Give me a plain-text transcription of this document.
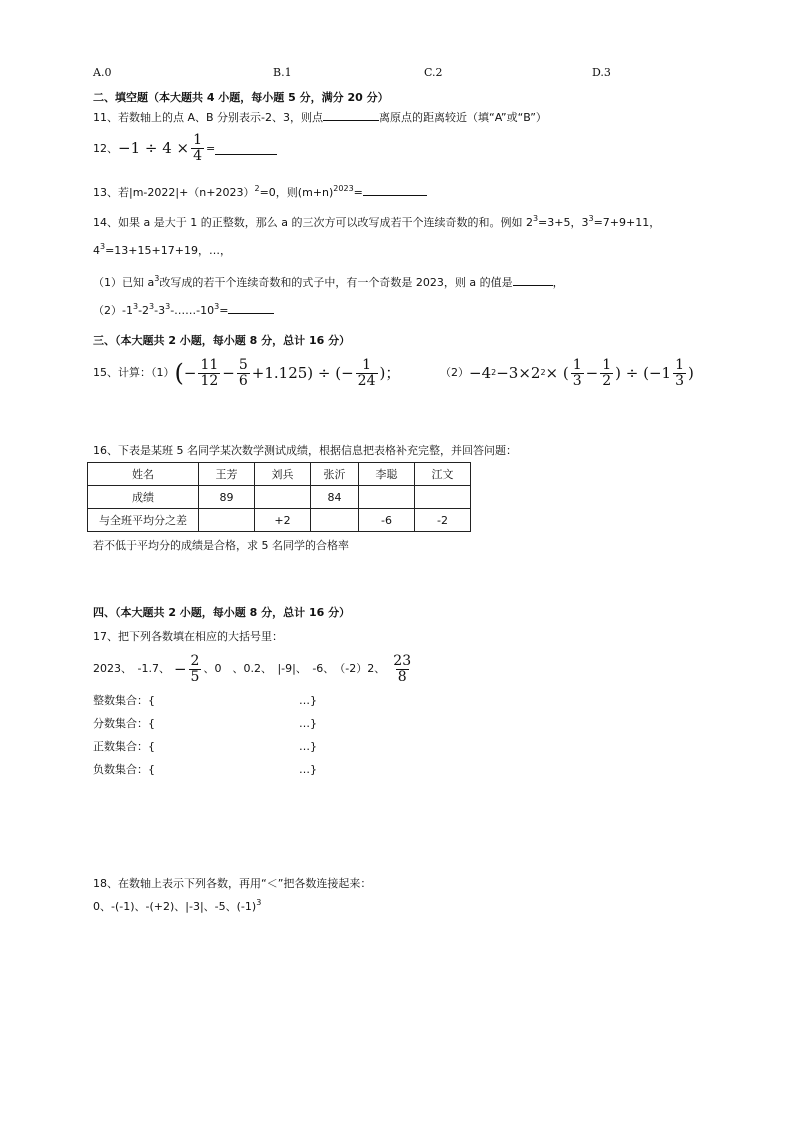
A.0	B.1	C.2	D.3
二、填空题（本大题共 4 小题，每小题 5 分，满分 20 分）
11、若数轴上的点 A、B 分别表示-2、3，则点	离原点的距离较近（填“A”或“B”）
12、 $-1 \div 4 \times \frac{1}{4}$ =
13、若$|m-2022|+(n+2023)^2=0$，则$(m+n)^{2023}=$
14、如果 a 是大于 1 的正整数，那么 a 的三次方可以改写成若干个连续奇数的和。例如 $2^3=3+5$，$3^3=7+9+11$，
$4^3=13+15+17+19$，…，
（1）已知 $a^3$改写成的若干个连续奇数和的式子中，有一个奇数是 2023，则 a 的值是	，
$(2)-1^3-2^3-3^3-\dots\dots-10^3=$
三、（本大题共 2 小题，每小题 8 分，总计 16 分）
15、计算：（1） ( − $\frac{11}{12} - \frac{5}{6} +1.125$) ÷ (− $\frac{1}{24}$ )；	（2） −4 2 −3×2 2 × ( $\frac{1}{3} - \frac{1}{2}$ ) ÷ ($-1 \frac{1}{3}$ )
16、下表是某班 5 名同学某次数学测试成绩，根据信息把表格补充完整，并回答问题：
姓名	王芳	刘兵	张沂	李聪	江文
成绩	89		84		
与全班平均分之差		+2		-6	-2
若不低于平均分的成绩是合格，求 5 名同学的合格率
四、（本大题共 2 小题，每小题 8 分，总计 16 分）
17、把下列各数填在相应的大括号里：
2023、　-1.7、 − $\frac{2}{5}$ 、0　、0.2、　|-9|、　-6、　（-2）2、 $\frac{23}{8}$
整数集合：{	…}
分数集合：{	…}
正数集合：{	…}
负数集合：{	…}
18、在数轴上表示下列各数，再用“＜”把各数连接起来：
0、-(-1)、-(+2)、|-3|、-5、$(-1)^3$
